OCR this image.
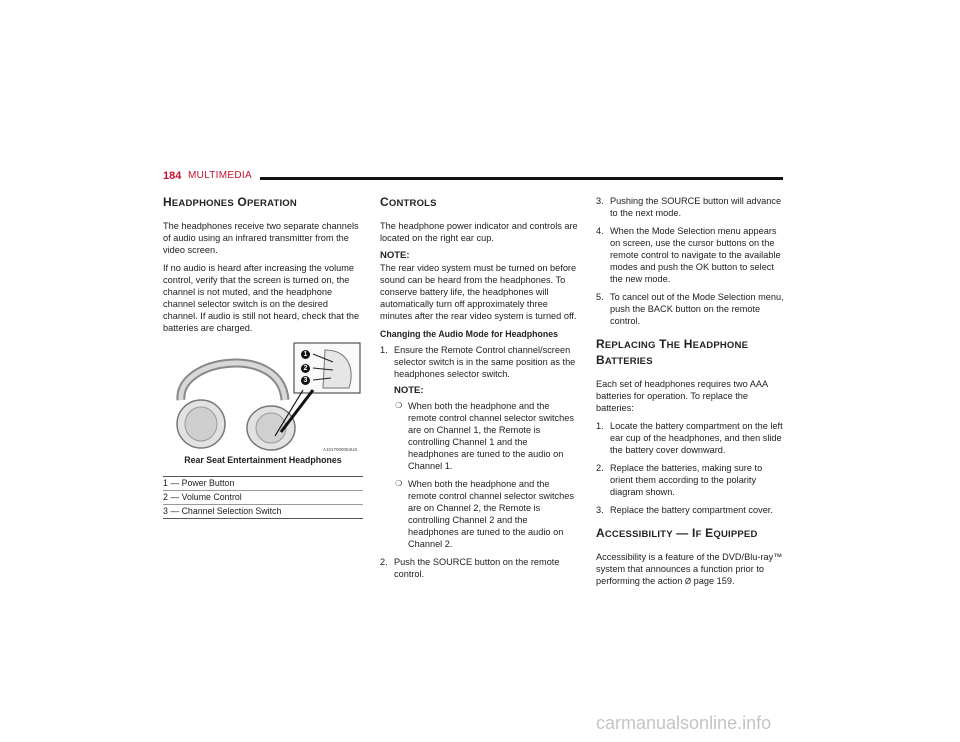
184 MULTIMEDIA
HEADPHONES OPERATION

The headphones receive two separate channels of audio using an infrared transmitter from the video screen.

If no audio is heard after increasing the volume control, verify that the screen is turned on, the channel is not muted, and the headphone channel selector switch is on the desired channel. If audio is still not heard, check that the batteries are charged.

1
2
3
A1017000054US
Rear Seat Entertainment Headphones
1 — Power Button
2 — Volume Control
3 — Channel Selection Switch
CONTROLS

The headphone power indicator and controls are located on the right ear cup.

NOTE:

The rear video system must be turned on before sound can be heard from the headphones. To conserve battery life, the headphones will automatically turn off approximately three minutes after the rear video system is turned off.

Changing the Audio Mode for Headphones
1. Ensure the Remote Control channel/screen selector switch is in the same position as the headphones selector switch.
NOTE:
❍ When both the headphone and the remote control channel selector switches are on Channel 1, the Remote is controlling Channel 1 and the headphones are tuned to the audio on Channel 1.
❍ When both the headphone and the remote control channel selector switches are on Channel 2, the Remote is controlling Channel 2 and the headphones are tuned to the audio on Channel 2.
2. Push the SOURCE button on the remote control.
3. Pushing the SOURCE button will advance to the next mode.
4. When the Mode Selection menu appears on screen, use the cursor buttons on the remote control to navigate to the available modes and push the OK button to select the new mode.
5. To cancel out of the Mode Selection menu, push the BACK button on the remote control.
REPLACING THE HEADPHONE
BATTERIES

Each set of headphones requires two AAA batteries for operation. To replace the batteries:

1. Locate the battery compartment on the left ear cup of the headphones, and then slide the battery cover downward.
2. Replace the batteries, making sure to orient them according to the polarity diagram shown.
3. Replace the battery compartment cover.
ACCESSIBILITY — IF EQUIPPED

Accessibility is a feature of the DVD/Blu-ray™ system that announces a function prior to performing the action Ø page 159.

carmanualsonline.info
